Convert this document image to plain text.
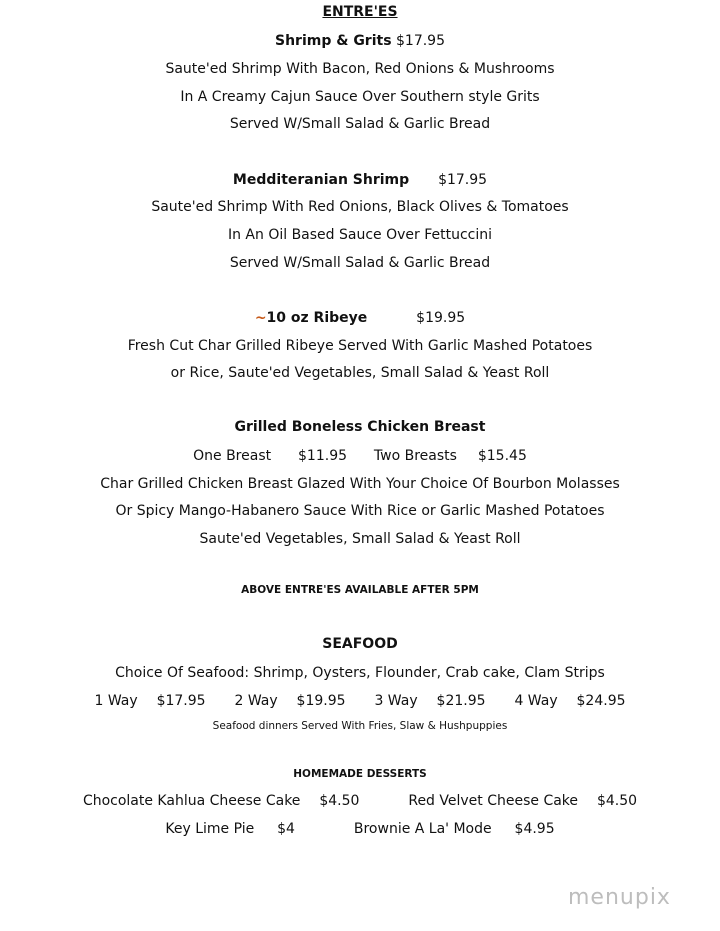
ENTRE'ES
Shrimp & Grits $17.95
Saute'ed Shrimp With Bacon, Red Onions & Mushrooms
In A Creamy Cajun Sauce Over Southern style Grits
Served W/Small Salad & Garlic Bread
Medditeranian Shrimp $17.95
Saute'ed Shrimp With Red Onions, Black Olives & Tomatoes
In An Oil Based Sauce Over Fettuccini
Served W/Small Salad & Garlic Bread
~10 oz Ribeye	$19.95
Fresh Cut Char Grilled Ribeye Served With Garlic Mashed Potatoes
or Rice, Saute'ed Vegetables, Small Salad & Yeast Roll
Grilled Boneless Chicken Breast
One Breast $11.95 Two Breasts $15.45
Char Grilled Chicken Breast Glazed With Your Choice Of Bourbon Molasses
Or Spicy Mango-Habanero Sauce With Rice or Garlic Mashed Potatoes
Saute'ed Vegetables, Small Salad & Yeast Roll
ABOVE ENTRE'ES AVAILABLE AFTER 5PM
SEAFOOD
Choice Of Seafood: Shrimp, Oysters, Flounder, Crab cake, Clam Strips
1 Way $17.95 2 Way $19.95 3 Way $21.95 4 Way $24.95
Seafood dinners Served With Fries, Slaw & Hushpuppies
HOMEMADE DESSERTS
Chocolate Kahlua Cheese Cake $4.50	Red Velvet Cheese Cake $4.50
Key Lime Pie $4	Brownie A La' Mode $4.95
menupix
